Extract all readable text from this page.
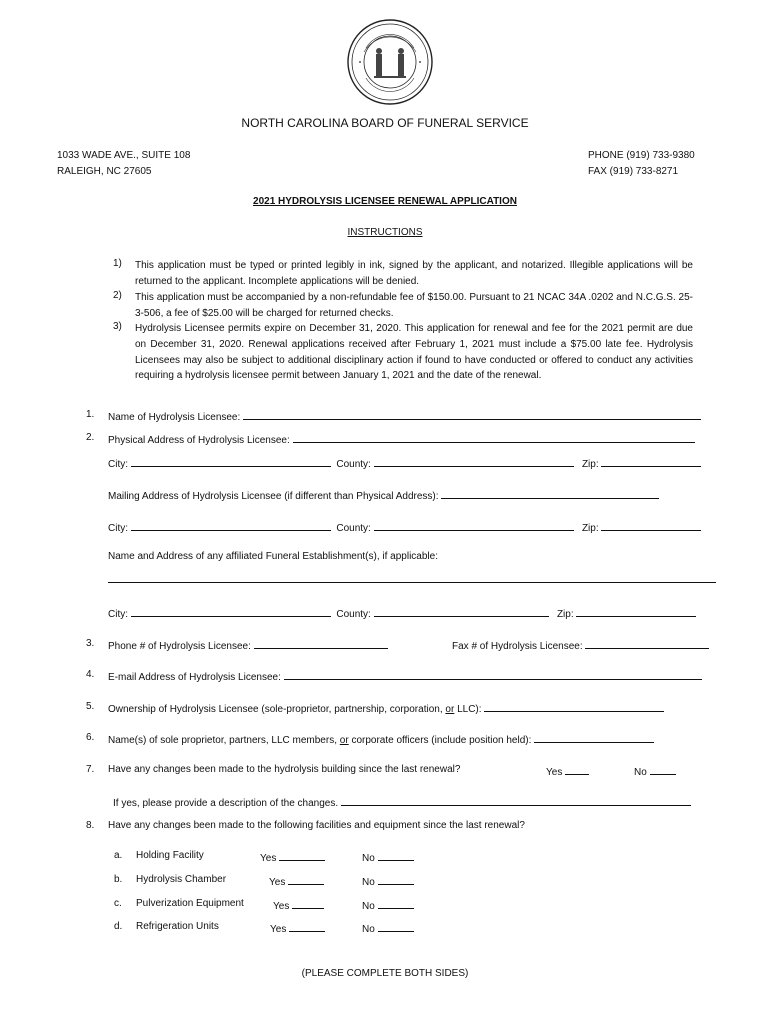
NORTH CAROLINA BOARD OF FUNERAL SERVICE
1033 WADE AVE., SUITE 108
RALEIGH, NC 27605
PHONE (919) 733-9380
FAX (919) 733-8271
2021 HYDROLYSIS LICENSEE RENEWAL APPLICATION
INSTRUCTIONS
1) This application must be typed or printed legibly in ink, signed by the applicant, and notarized. Illegible applications will be returned to the applicant. Incomplete applications will be denied.
2) This application must be accompanied by a non-refundable fee of $150.00. Pursuant to 21 NCAC 34A .0202 and N.C.G.S. 25-3-506, a fee of $25.00 will be charged for returned checks.
3) Hydrolysis Licensee permits expire on December 31, 2020. This application for renewal and fee for the 2021 permit are due on December 31, 2020. Renewal applications received after February 1, 2021 must include a $75.00 late fee. Hydrolysis Licensees may also be subject to additional disciplinary action if found to have conducted or offered to conduct any activities requiring a hydrolysis licensee permit between January 1, 2021 and the date of the renewal.
1. Name of Hydrolysis Licensee:
2. Physical Address of Hydrolysis Licensee:
City:	County:	Zip:
Mailing Address of Hydrolysis Licensee (if different than Physical Address):
City:	County:	Zip:
Name and Address of any affiliated Funeral Establishment(s), if applicable:
City:	County:	Zip:
3. Phone # of Hydrolysis Licensee:	Fax # of Hydrolysis Licensee:
4. E-mail Address of Hydrolysis Licensee:
5. Ownership of Hydrolysis Licensee (sole-proprietor, partnership, corporation, or LLC):
6. Name(s) of sole proprietor, partners, LLC members, or corporate officers (include position held):
7. Have any changes been made to the hydrolysis building since the last renewal?	Yes	No
If yes, please provide a description of the changes.
8. Have any changes been made to the following facilities and equipment since the last renewal?
a. Holding Facility	Yes	No
b. Hydrolysis Chamber	Yes	No
c. Pulverization Equipment	Yes	No
d. Refrigeration Units	Yes	No
(PLEASE COMPLETE BOTH SIDES)
